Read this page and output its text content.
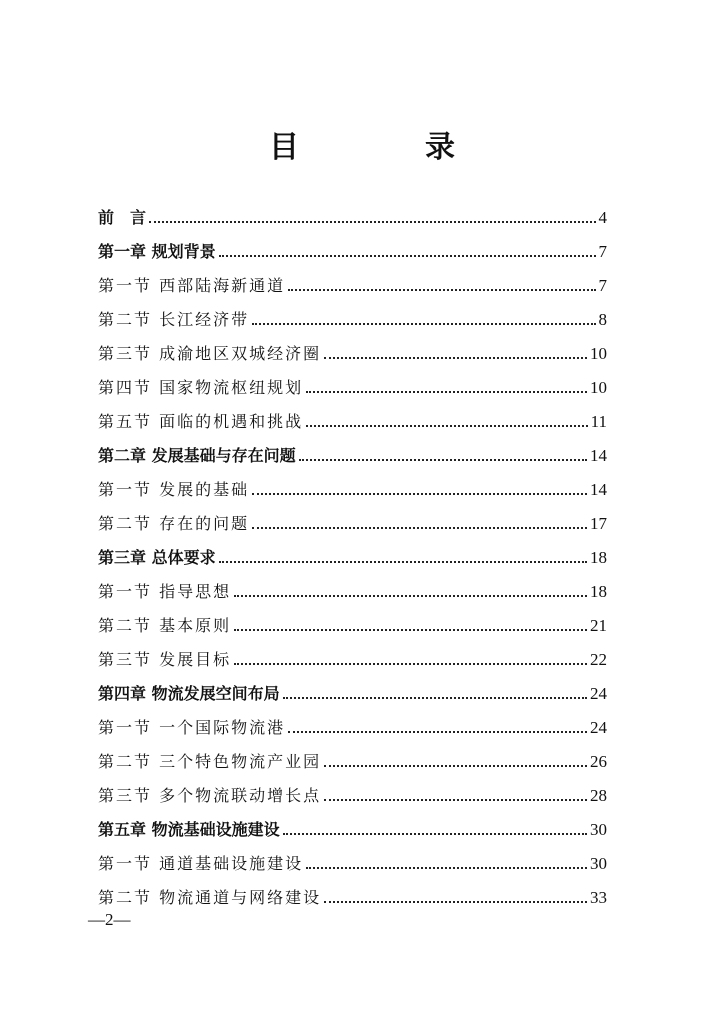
目　录
前　言	4
第一章 规划背景	7
第一节 西部陆海新通道	7
第二节 长江经济带	8
第三节 成渝地区双城经济圈	10
第四节 国家物流枢纽规划	10
第五节 面临的机遇和挑战	11
第二章 发展基础与存在问题	14
第一节 发展的基础	14
第二节 存在的问题	17
第三章 总体要求	18
第一节 指导思想	18
第二节 基本原则	21
第三节 发展目标	22
第四章 物流发展空间布局	24
第一节 一个国际物流港	24
第二节 三个特色物流产业园	26
第三节 多个物流联动增长点	28
第五章 物流基础设施建设	30
第一节 通道基础设施建设	30
第二节 物流通道与网络建设	33
—2—
